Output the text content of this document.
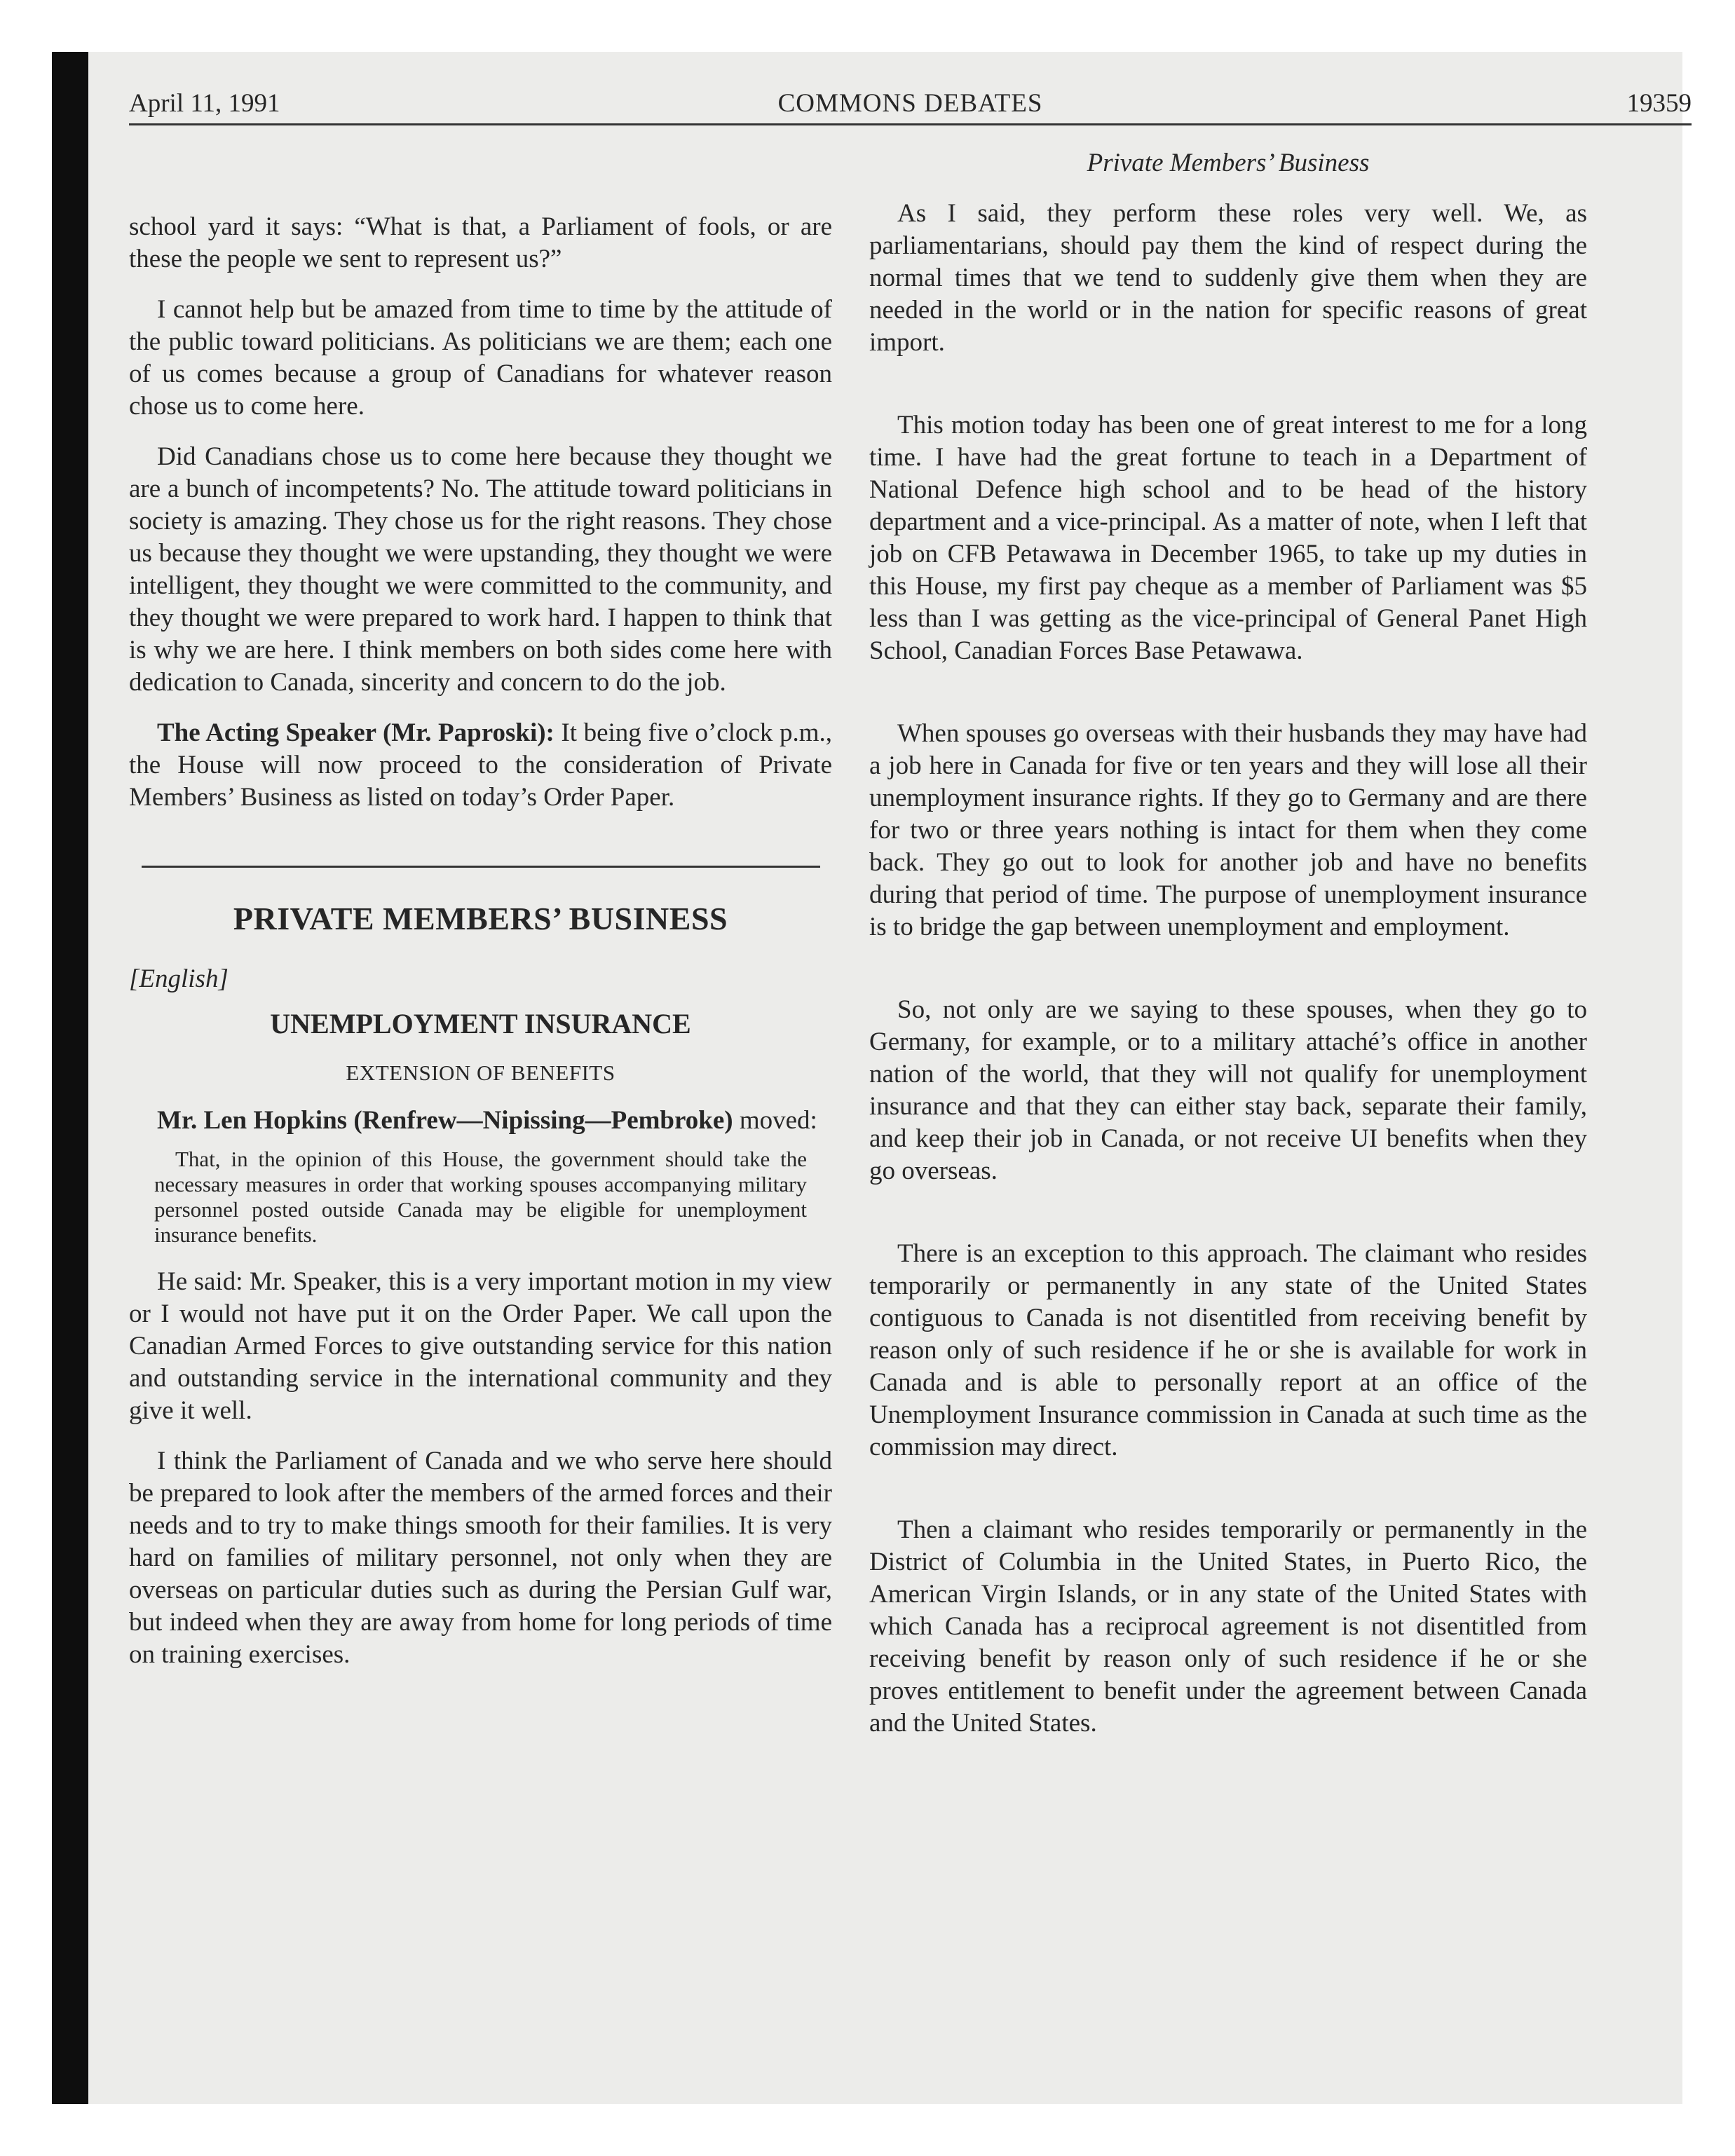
April 11, 1991	COMMONS DEBATES	19359

school yard it says: “What is that, a Parliament of fools, or are these the people we sent to represent us?”

I cannot help but be amazed from time to time by the attitude of the public toward politicians. As politicians we are them; each one of us comes because a group of Canadians for whatever reason chose us to come here.

Did Canadians chose us to come here because they thought we are a bunch of incompetents? No. The attitude toward politicians in society is amazing. They chose us for the right reasons. They chose us because they thought we were upstanding, they thought we were intelligent, they thought we were committed to the community, and they thought we were prepared to work hard. I happen to think that is why we are here. I think members on both sides come here with dedication to Canada, sincerity and concern to do the job.

The Acting Speaker (Mr. Paproski): It being five o’clock p.m., the House will now proceed to the consideration of Private Members’ Business as listed on today’s Order Paper.

PRIVATE MEMBERS’ BUSINESS
[English]
UNEMPLOYMENT INSURANCE
EXTENSION OF BENEFITS
Mr. Len Hopkins (Renfrew—Nipissing—Pembroke) moved:
That, in the opinion of this House, the government should take the necessary measures in order that working spouses accompanying military personnel posted outside Canada may be eligible for unemployment insurance benefits.

He said: Mr. Speaker, this is a very important motion in my view or I would not have put it on the Order Paper. We call upon the Canadian Armed Forces to give outstanding service for this nation and outstanding service in the international community and they give it well.

I think the Parliament of Canada and we who serve here should be prepared to look after the members of the armed forces and their needs and to try to make things smooth for their families. It is very hard on families of military personnel, not only when they are overseas on particular duties such as during the Persian Gulf war, but indeed when they are away from home for long periods of time on training exercises.

Private Members’ Business

As I said, they perform these roles very well. We, as parliamentarians, should pay them the kind of respect during the normal times that we tend to suddenly give them when they are needed in the world or in the nation for specific reasons of great import.

This motion today has been one of great interest to me for a long time. I have had the great fortune to teach in a Department of National Defence high school and to be head of the history department and a vice-principal. As a matter of note, when I left that job on CFB Petawawa in December 1965, to take up my duties in this House, my first pay cheque as a member of Parliament was $5 less than I was getting as the vice-principal of General Panet High School, Canadian Forces Base Petawawa.

When spouses go overseas with their husbands they may have had a job here in Canada for five or ten years and they will lose all their unemployment insurance rights. If they go to Germany and are there for two or three years nothing is intact for them when they come back. They go out to look for another job and have no benefits during that period of time. The purpose of unemployment insurance is to bridge the gap between unemployment and employment.

So, not only are we saying to these spouses, when they go to Germany, for example, or to a military attaché’s office in another nation of the world, that they will not qualify for unemployment insurance and that they can either stay back, separate their family, and keep their job in Canada, or not receive UI benefits when they go overseas.

There is an exception to this approach. The claimant who resides temporarily or permanently in any state of the United States contiguous to Canada is not disentitled from receiving benefit by reason only of such residence if he or she is available for work in Canada and is able to personally report at an office of the Unemployment Insurance commission in Canada at such time as the commission may direct.

Then a claimant who resides temporarily or permanently in the District of Columbia in the United States, in Puerto Rico, the American Virgin Islands, or in any state of the United States with which Canada has a reciprocal agreement is not disentitled from receiving benefit by reason only of such residence if he or she proves entitlement to benefit under the agreement between Canada and the United States.
